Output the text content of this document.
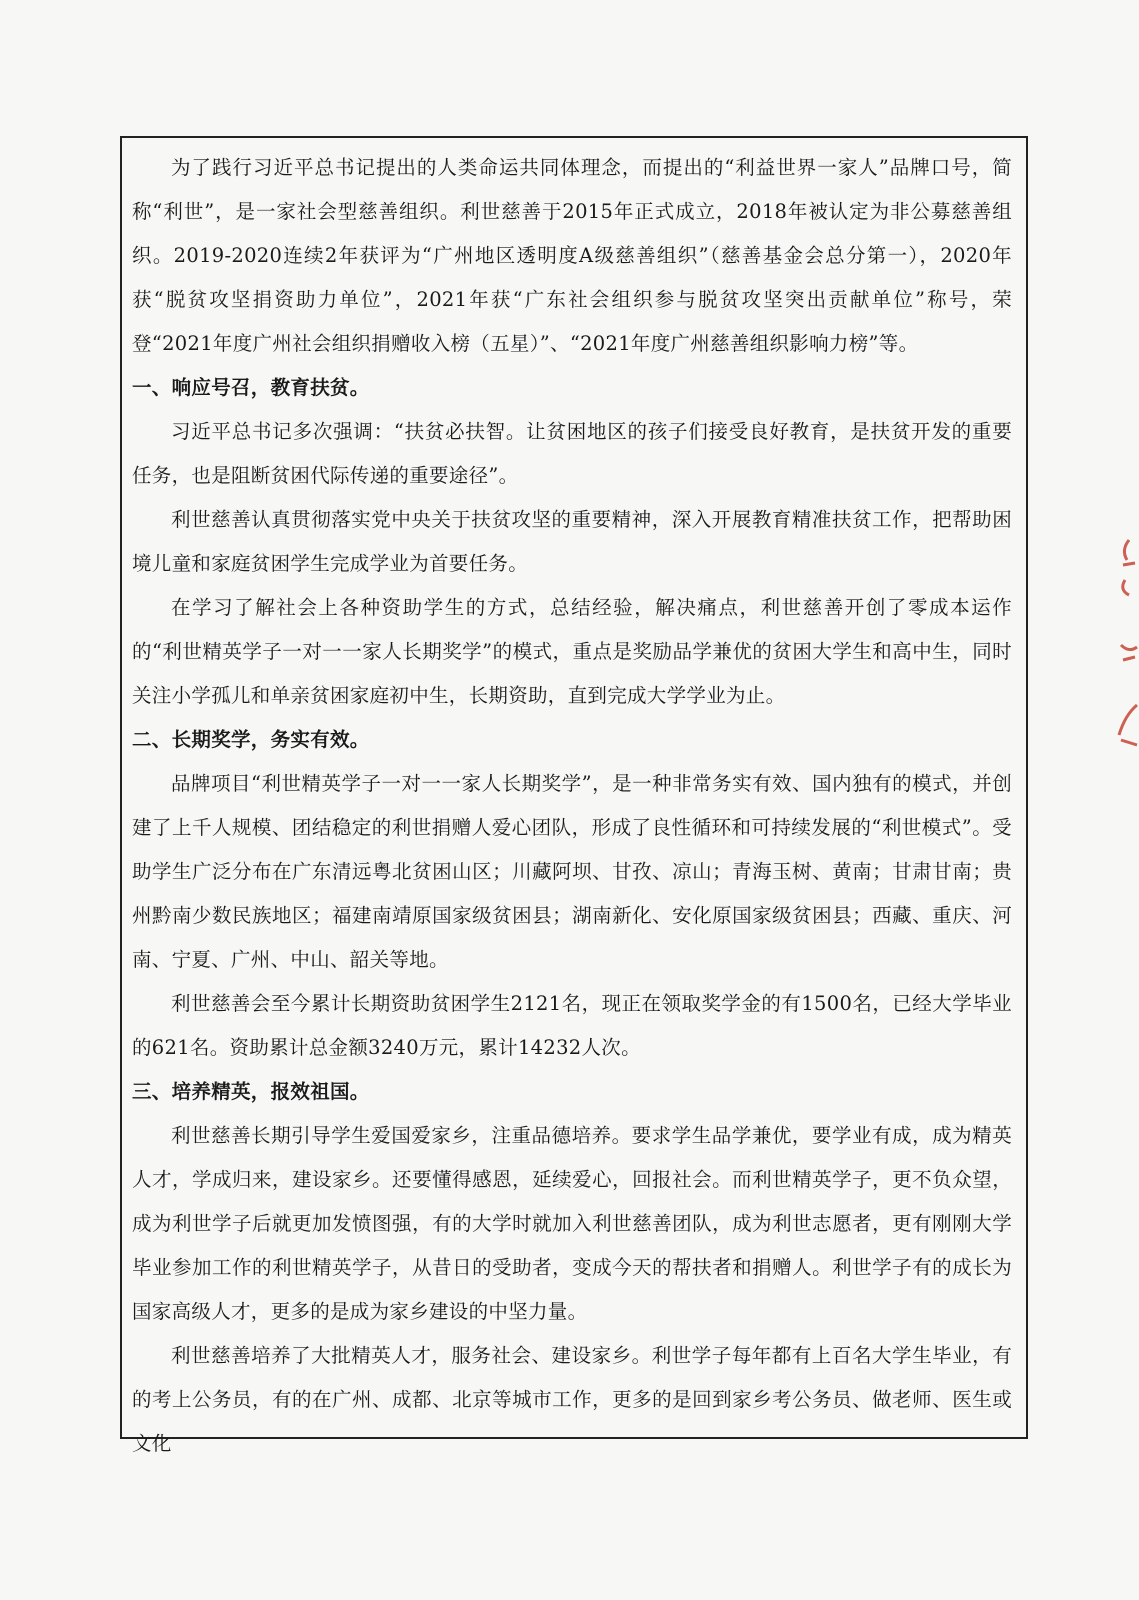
为了践行习近平总书记提出的人类命运共同体理念，而提出的“利益世界一家人”品牌口号，简称“利世”，是一家社会型慈善组织。利世慈善于2015年正式成立，2018年被认定为非公募慈善组织。2019-2020连续2年获评为“广州地区透明度A级慈善组织”（慈善基金会总分第一），2020年获“脱贫攻坚捐资助力单位”，2021年获“广东社会组织参与脱贫攻坚突出贡献单位”称号，荣登“2021年度广州社会组织捐赠收入榜（五星）”、“2021年度广州慈善组织影响力榜”等。

一、响应号召，教育扶贫。

习近平总书记多次强调：“扶贫必扶智。让贫困地区的孩子们接受良好教育，是扶贫开发的重要任务，也是阻断贫困代际传递的重要途径”。

利世慈善认真贯彻落实党中央关于扶贫攻坚的重要精神，深入开展教育精准扶贫工作，把帮助困境儿童和家庭贫困学生完成学业为首要任务。

在学习了解社会上各种资助学生的方式，总结经验，解决痛点，利世慈善开创了零成本运作的“利世精英学子一对一一家人长期奖学”的模式，重点是奖励品学兼优的贫困大学生和高中生，同时关注小学孤儿和单亲贫困家庭初中生，长期资助，直到完成大学学业为止。

二、长期奖学，务实有效。

品牌项目“利世精英学子一对一一家人长期奖学”，是一种非常务实有效、国内独有的模式，并创建了上千人规模、团结稳定的利世捐赠人爱心团队，形成了良性循环和可持续发展的“利世模式”。受助学生广泛分布在广东清远粤北贫困山区；川藏阿坝、甘孜、凉山；青海玉树、黄南；甘肃甘南；贵州黔南少数民族地区；福建南靖原国家级贫困县；湖南新化、安化原国家级贫困县；西藏、重庆、河南、宁夏、广州、中山、韶关等地。

利世慈善会至今累计长期资助贫困学生2121名，现正在领取奖学金的有1500名，已经大学毕业的621名。资助累计总金额3240万元，累计14232人次。

三、培养精英，报效祖国。

利世慈善长期引导学生爱国爱家乡，注重品德培养。要求学生品学兼优，要学业有成，成为精英人才，学成归来，建设家乡。还要懂得感恩，延续爱心，回报社会。而利世精英学子，更不负众望，成为利世学子后就更加发愤图强，有的大学时就加入利世慈善团队，成为利世志愿者，更有刚刚大学毕业参加工作的利世精英学子，从昔日的受助者，变成今天的帮扶者和捐赠人。利世学子有的成长为国家高级人才，更多的是成为家乡建设的中坚力量。

利世慈善培养了大批精英人才，服务社会、建设家乡。利世学子每年都有上百名大学生毕业，有的考上公务员，有的在广州、成都、北京等城市工作，更多的是回到家乡考公务员、做老师、医生或文化
